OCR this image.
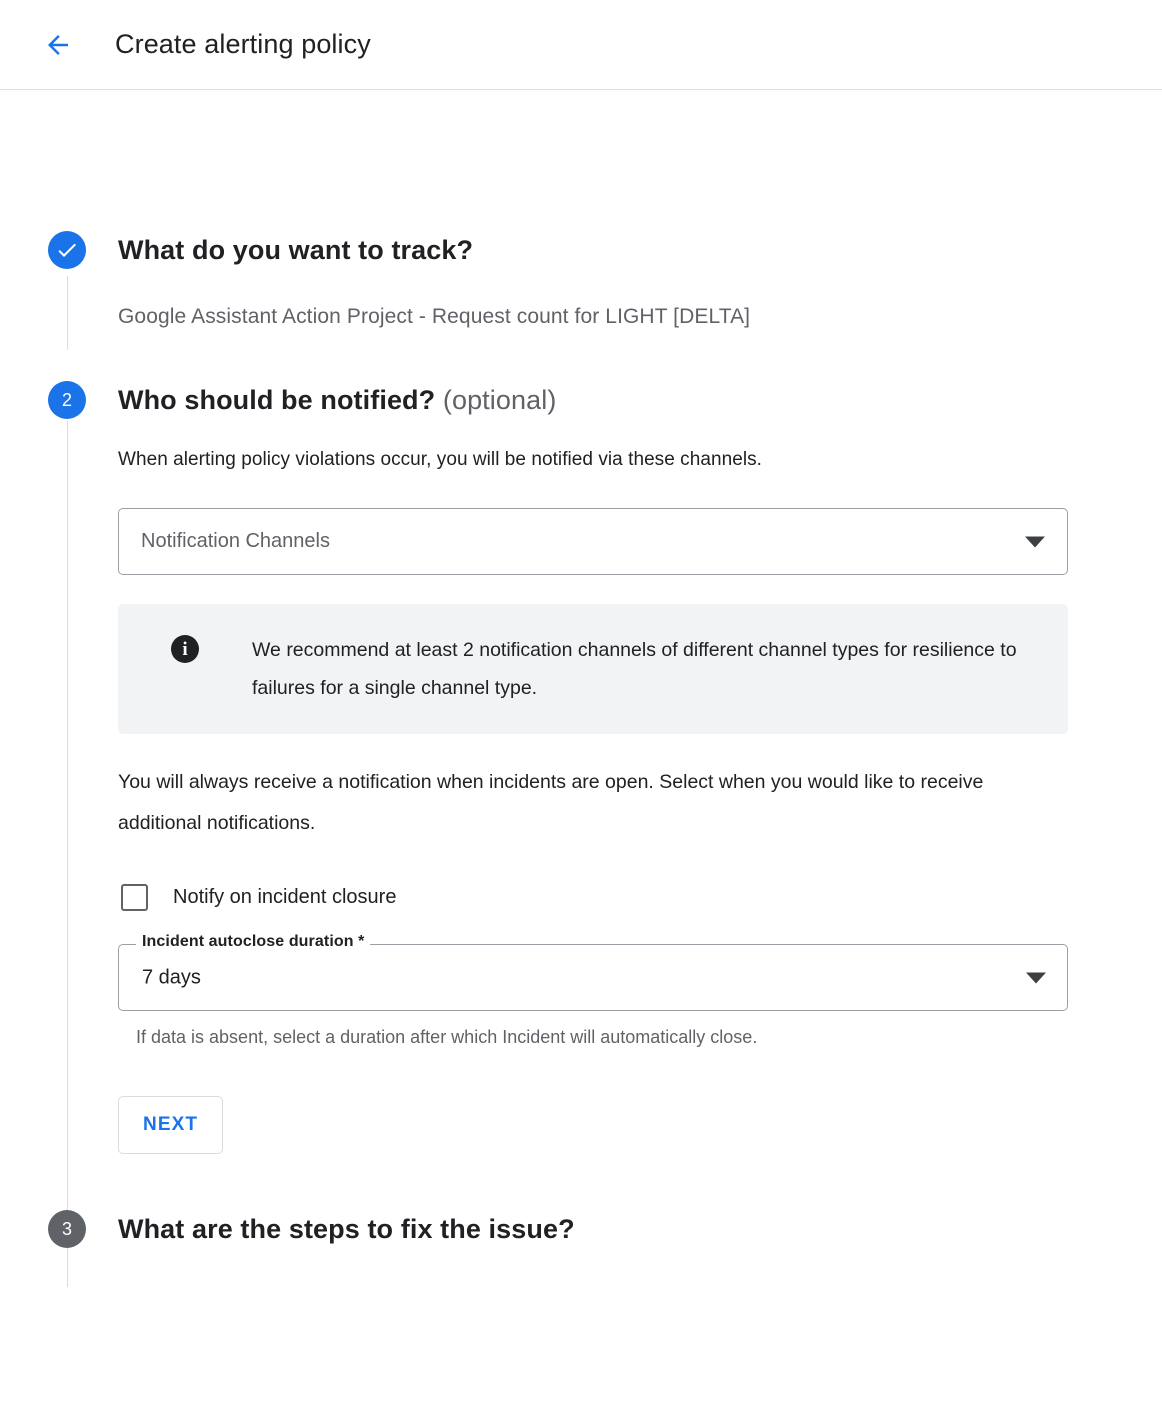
Create alerting policy
What do you want to track?
Google Assistant Action Project - Request count for LIGHT [DELTA]
2	Who should be notified? (optional)
When alerting policy violations occur, you will be notified via these channels.
Notification Channels
i	We recommend at least 2 notification channels of different channel types for resilience to failures for a single channel type.
You will always receive a notification when incidents are open. Select when you would like to receive additional notifications.
Notify on incident closure
Incident autoclose duration *
7 days
If data is absent, select a duration after which Incident will automatically close.
NEXT
3	What are the steps to fix the issue?
